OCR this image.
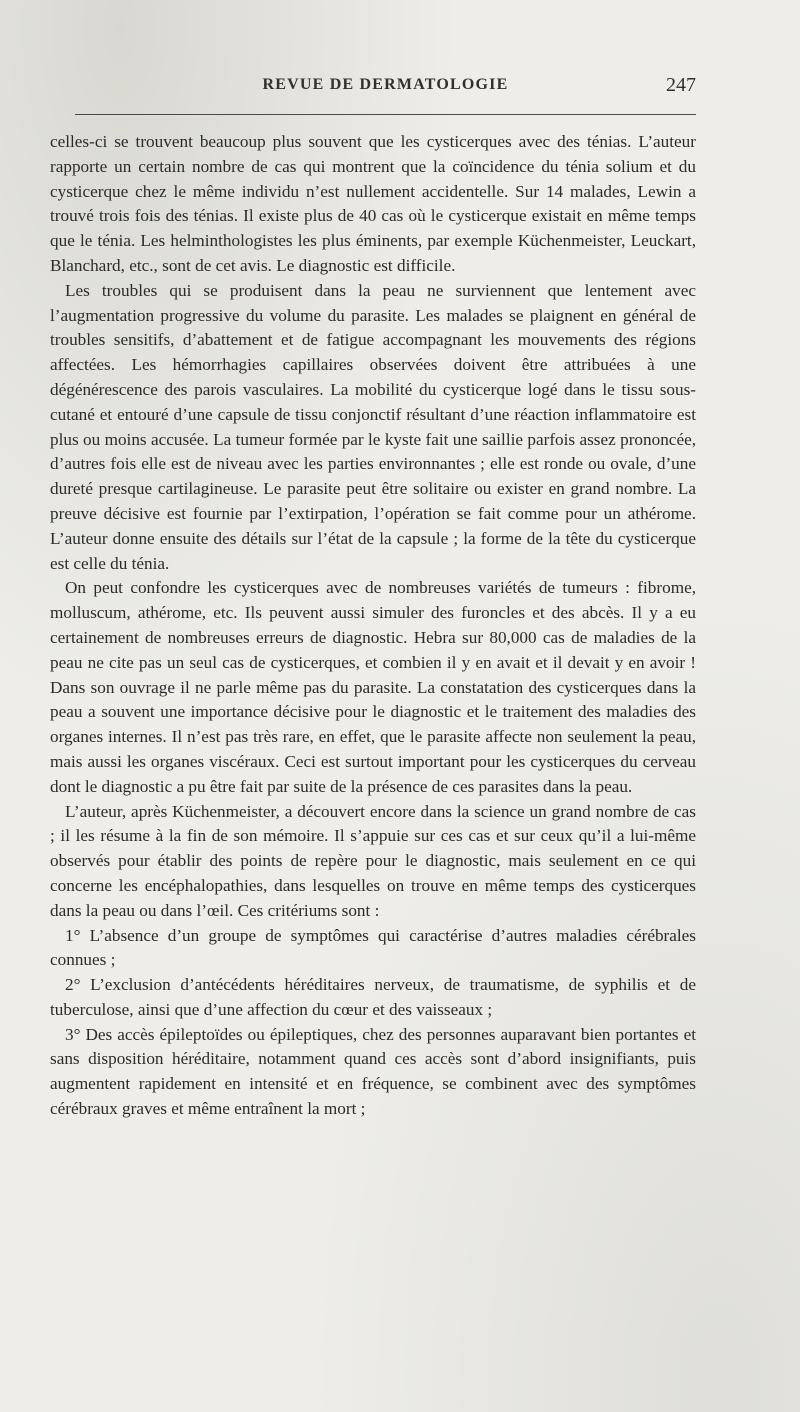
REVUE DE DERMATOLOGIE	247

celles-ci se trouvent beaucoup plus souvent que les cysticerques avec des ténias. L’auteur rapporte un certain nombre de cas qui montrent que la coïncidence du ténia solium et du cysticerque chez le même individu n’est nullement accidentelle. Sur 14 malades, Lewin a trouvé trois fois des ténias. Il existe plus de 40 cas où le cysticerque existait en même temps que le ténia. Les helminthologistes les plus éminents, par exemple Küchenmeister, Leuckart, Blanchard, etc., sont de cet avis. Le diagnostic est difficile.

Les troubles qui se produisent dans la peau ne surviennent que lentement avec l’augmentation progressive du volume du parasite. Les malades se plaignent en général de troubles sensitifs, d’abattement et de fatigue accompagnant les mouvements des régions affectées. Les hémorrhagies capillaires observées doivent être attribuées à une dégénérescence des parois vasculaires. La mobilité du cysticerque logé dans le tissu sous-cutané et entouré d’une capsule de tissu conjonctif résultant d’une réaction inflammatoire est plus ou moins accusée. La tumeur formée par le kyste fait une saillie parfois assez prononcée, d’autres fois elle est de niveau avec les parties environnantes ; elle est ronde ou ovale, d’une dureté presque cartilagineuse. Le parasite peut être solitaire ou exister en grand nombre. La preuve décisive est fournie par l’extirpation, l’opération se fait comme pour un athérome. L’auteur donne ensuite des détails sur l’état de la capsule ; la forme de la tête du cysticerque est celle du ténia.

On peut confondre les cysticerques avec de nombreuses variétés de tumeurs : fibrome, molluscum, athérome, etc. Ils peuvent aussi simuler des furoncles et des abcès. Il y a eu certainement de nombreuses erreurs de diagnostic. Hebra sur 80,000 cas de maladies de la peau ne cite pas un seul cas de cysticerques, et combien il y en avait et il devait y en avoir ! Dans son ouvrage il ne parle même pas du parasite. La constatation des cysticerques dans la peau a souvent une importance décisive pour le diagnostic et le traitement des maladies des organes internes. Il n’est pas très rare, en effet, que le parasite affecte non seulement la peau, mais aussi les organes viscéraux. Ceci est surtout important pour les cysticerques du cerveau dont le diagnostic a pu être fait par suite de la présence de ces parasites dans la peau.

L’auteur, après Küchenmeister, a découvert encore dans la science un grand nombre de cas ; il les résume à la fin de son mémoire. Il s’appuie sur ces cas et sur ceux qu’il a lui-même observés pour établir des points de repère pour le diagnostic, mais seulement en ce qui concerne les encéphalopathies, dans lesquelles on trouve en même temps des cysticerques dans la peau ou dans l’œil. Ces critériums sont :

1° L’absence d’un groupe de symptômes qui caractérise d’autres maladies cérébrales connues ;

2° L’exclusion d’antécédents héréditaires nerveux, de traumatisme, de syphilis et de tuberculose, ainsi que d’une affection du cœur et des vaisseaux ;

3° Des accès épileptoïdes ou épileptiques, chez des personnes auparavant bien portantes et sans disposition héréditaire, notamment quand ces accès sont d’abord insignifiants, puis augmentent rapidement en intensité et en fréquence, se combinent avec des symptômes cérébraux graves et même entraînent la mort ;
